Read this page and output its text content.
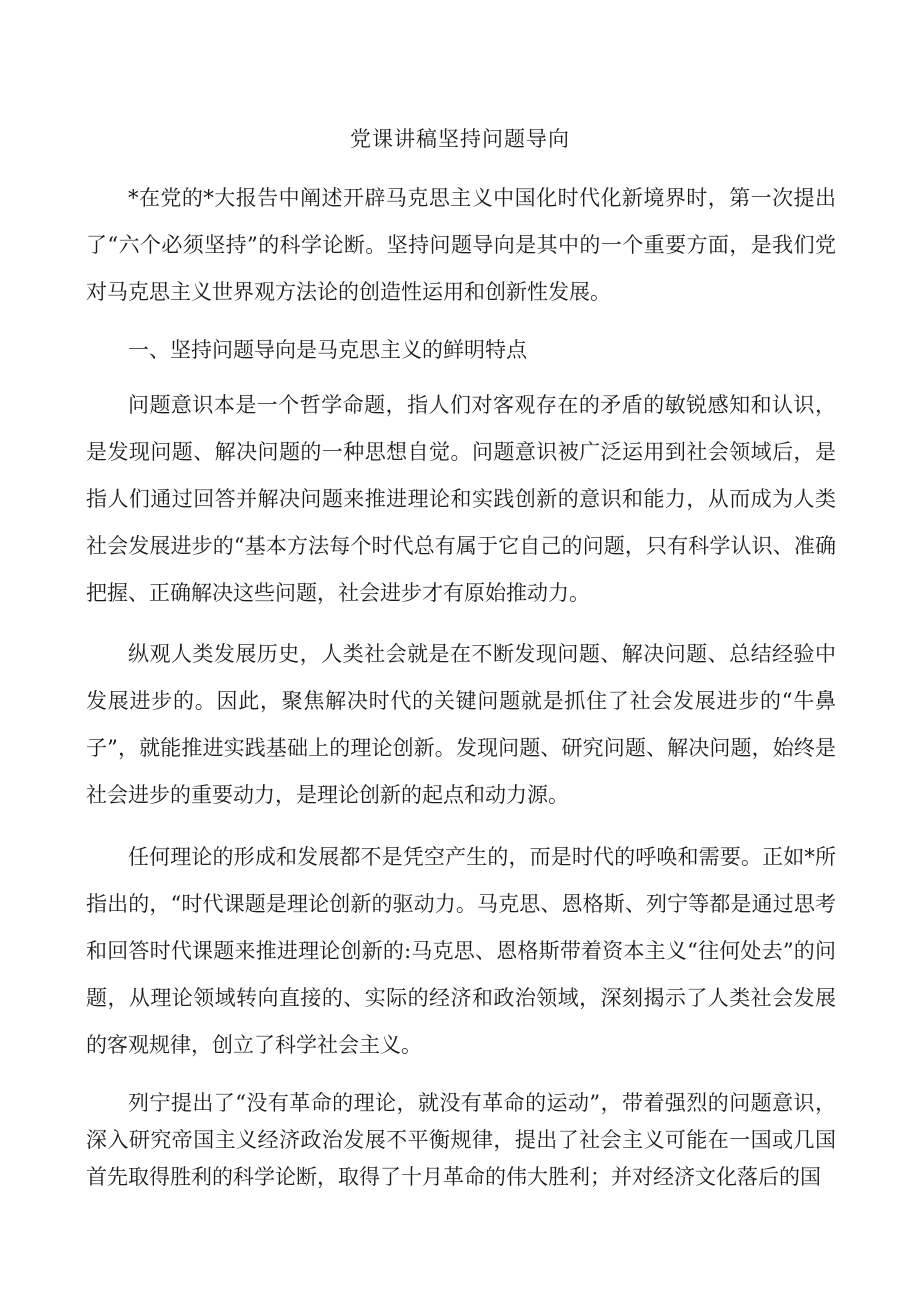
党课讲稿坚持问题导向

*在党的*大报告中阐述开辟马克思主义中国化时代化新境界时，第一次提出了“六个必须坚持”的科学论断。坚持问题导向是其中的一个重要方面，是我们党对马克思主义世界观方法论的创造性运用和创新性发展。

一、坚持问题导向是马克思主义的鲜明特点

问题意识本是一个哲学命题，指人们对客观存在的矛盾的敏锐感知和认识，是发现问题、解决问题的一种思想自觉。问题意识被广泛运用到社会领域后，是指人们通过回答并解决问题来推进理论和实践创新的意识和能力，从而成为人类社会发展进步的“基本方法每个时代总有属于它自己的问题，只有科学认识、准确把握、正确解决这些问题，社会进步才有原始推动力。

纵观人类发展历史，人类社会就是在不断发现问题、解决问题、总结经验中发展进步的。因此，聚焦解决时代的关键问题就是抓住了社会发展进步的“牛鼻子”，就能推进实践基础上的理论创新。发现问题、研究问题、解决问题，始终是社会进步的重要动力，是理论创新的起点和动力源。

任何理论的形成和发展都不是凭空产生的，而是时代的呼唤和需要。正如*所指出的，“时代课题是理论创新的驱动力。马克思、恩格斯、列宁等都是通过思考和回答时代课题来推进理论创新的:马克思、恩格斯带着资本主义“往何处去”的问题，从理论领域转向直接的、实际的经济和政治领域，深刻揭示了人类社会发展的客观规律，创立了科学社会主义。

列宁提出了“没有革命的理论，就没有革命的运动”，带着强烈的问题意识，深入研究帝国主义经济政治发展不平衡规律，提出了社会主义可能在一国或几国首先取得胜利的科学论断，取得了十月革命的伟大胜利；并对经济文化落后的国
